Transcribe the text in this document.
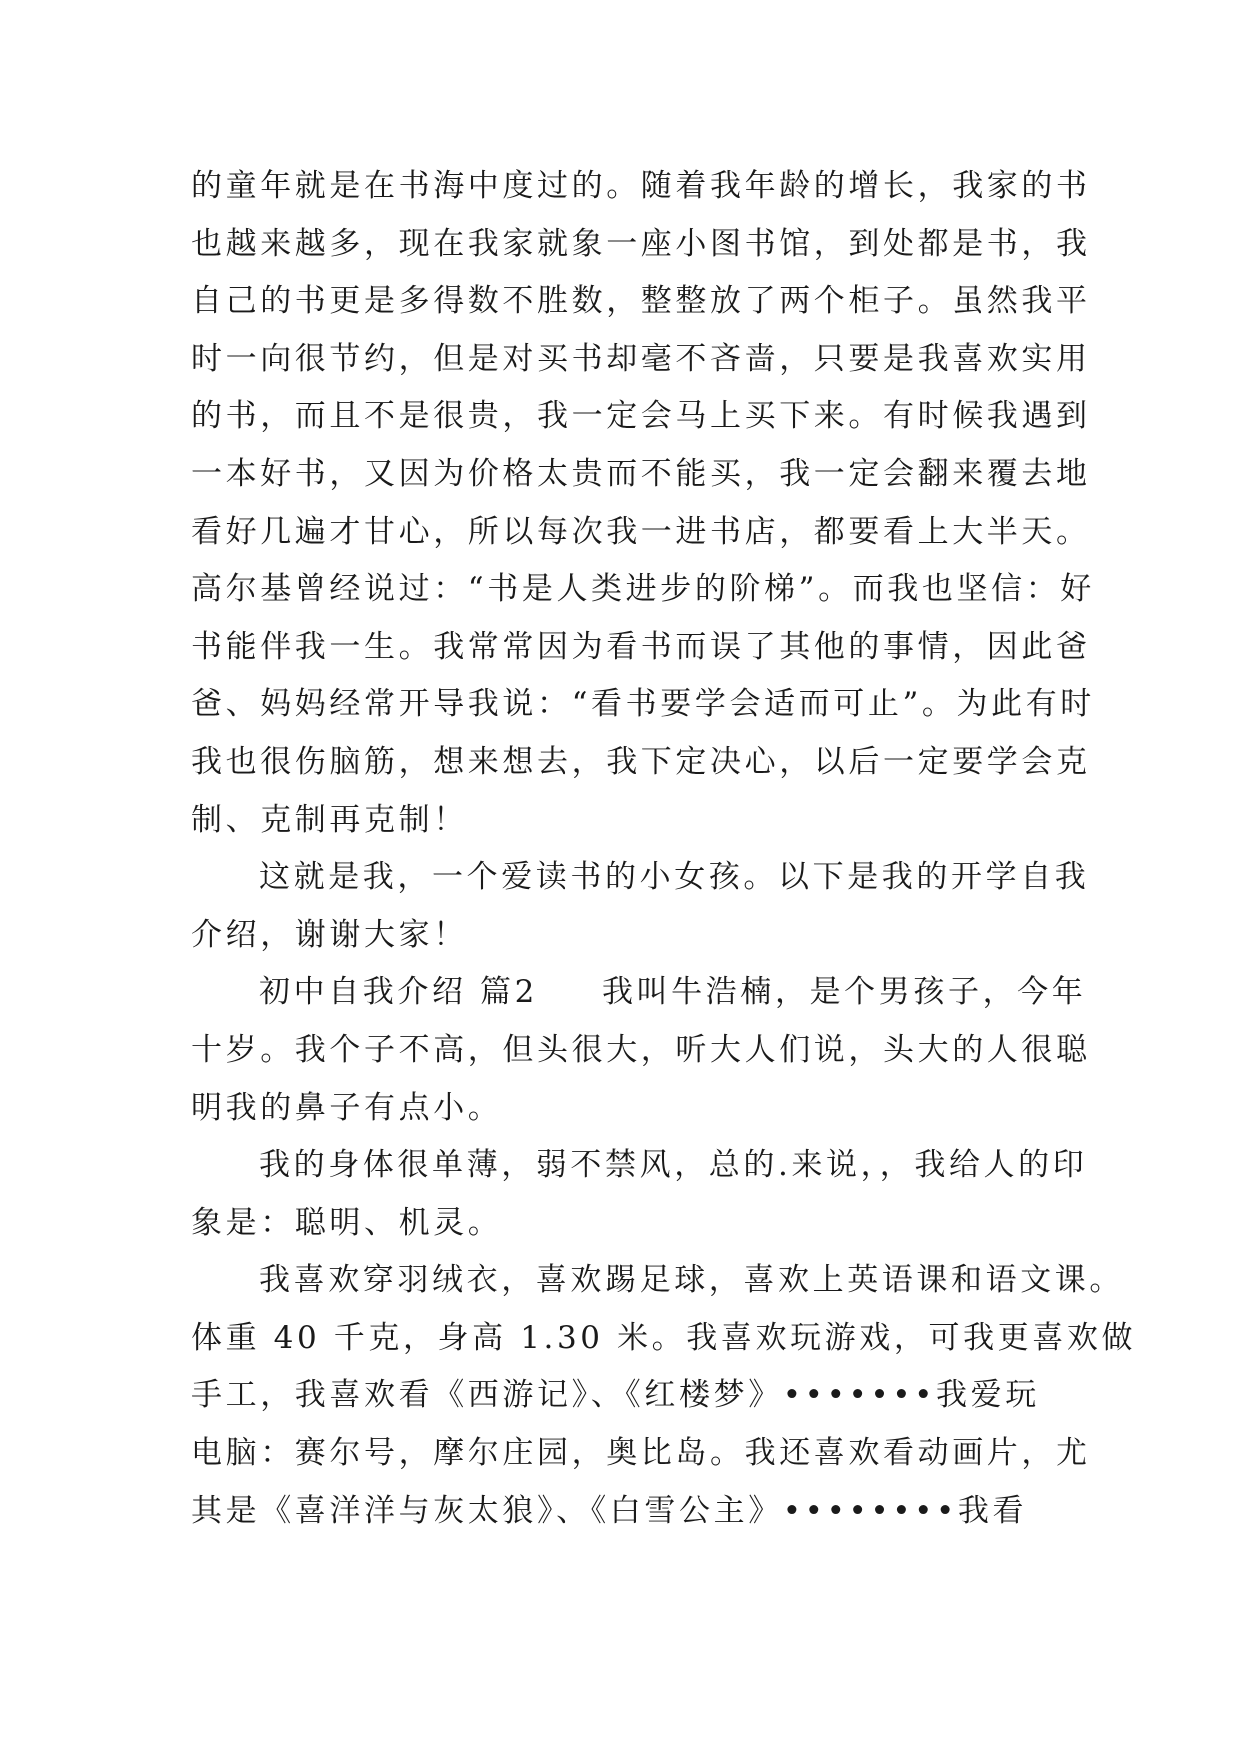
的童年就是在书海中度过的。随着我年龄的增长，我家的书
也越来越多，现在我家就象一座小图书馆，到处都是书，我
自己的书更是多得数不胜数，整整放了两个柜子。虽然我平
时一向很节约，但是对买书却毫不吝啬，只要是我喜欢实用
的书，而且不是很贵，我一定会马上买下来。有时候我遇到
一本好书，又因为价格太贵而不能买，我一定会翻来覆去地
看好几遍才甘心，所以每次我一进书店，都要看上大半天。
高尔基曾经说过：“书是人类进步的阶梯”。而我也坚信：好
书能伴我一生。我常常因为看书而误了其他的事情，因此爸
爸、妈妈经常开导我说：“看书要学会适而可止”。为此有时
我也很伤脑筋，想来想去，我下定决心，以后一定要学会克
制、克制再克制！
这就是我，一个爱读书的小女孩。以下是我的开学自我
介绍，谢谢大家！
初中自我介绍 篇2 我叫牛浩楠，是个男孩子，今年
十岁。我个子不高，但头很大，听大人们说，头大的人很聪
明我的鼻子有点小。
我的身体很单薄，弱不禁风，总的.来说，，我给人的印
象是：聪明、机灵。
我喜欢穿羽绒衣，喜欢踢足球，喜欢上英语课和语文课。
体重 40 千克，身高 1.30 米。我喜欢玩游戏，可我更喜欢做
手工，我喜欢看《西游记》、《红楼梦》•••••••我爱玩
电脑：赛尔号，摩尔庄园，奥比岛。我还喜欢看动画片，尤
其是《喜洋洋与灰太狼》、《白雪公主》••••••••我看
